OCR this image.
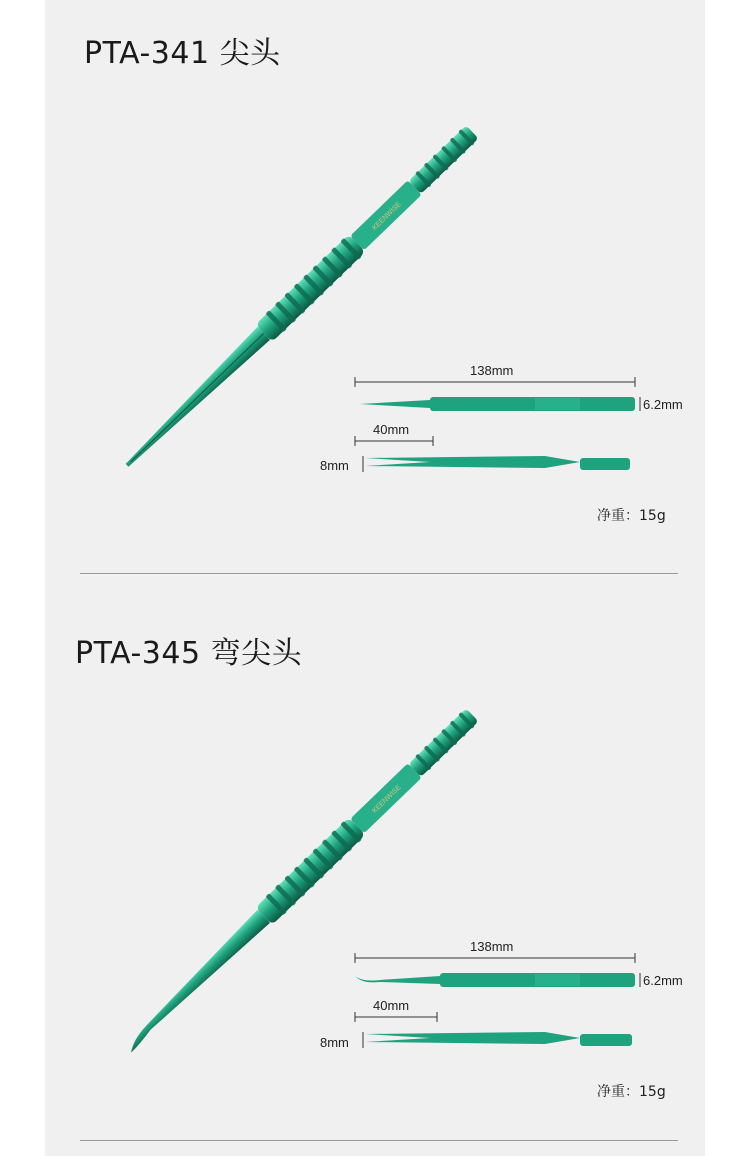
PTA-341 尖头
KEENWISE
138mm
6.2mm
40mm
8mm
净重：15g
PTA-345 弯尖头
KEENWISE
138mm
6.2mm
40mm
8mm
净重：15g
